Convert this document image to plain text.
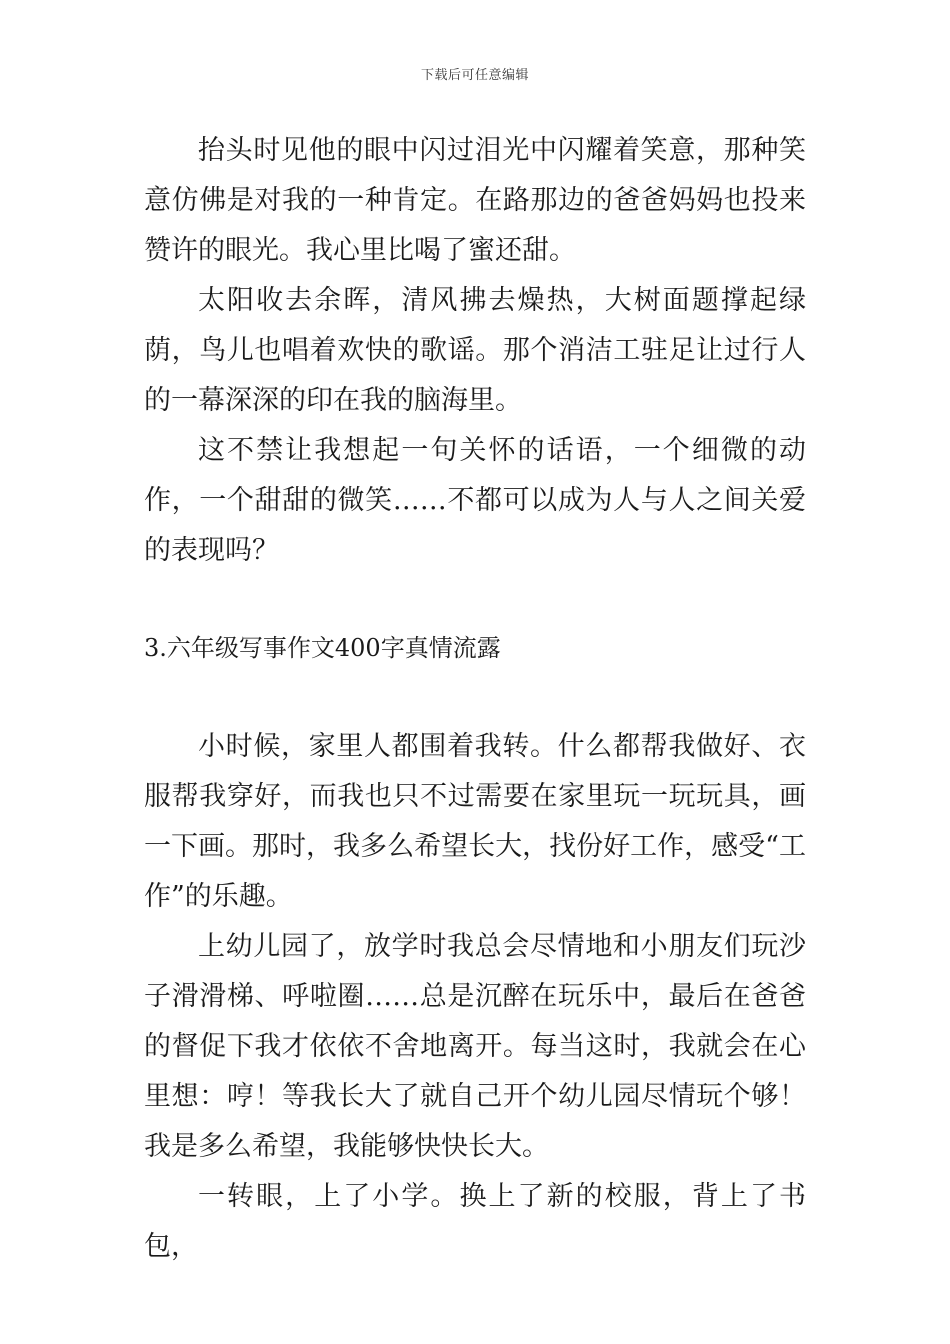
下载后可任意编辑

抬头时见他的眼中闪过泪光中闪耀着笑意，那种笑意仿佛是对我的一种肯定。在路那边的爸爸妈妈也投来赞许的眼光。我心里比喝了蜜还甜。

太阳收去余晖，清风拂去燥热，大树面题撑起绿荫，鸟儿也唱着欢快的歌谣。那个消洁工驻足让过行人的一幕深深的印在我的脑海里。

这不禁让我想起一句关怀的话语，一个细微的动作，一个甜甜的微笑……不都可以成为人与人之间关爱的表现吗？

3.六年级写事作文400字真情流露

小时候，家里人都围着我转。什么都帮我做好、衣服帮我穿好，而我也只不过需要在家里玩一玩玩具，画一下画。那时，我多么希望长大，找份好工作，感受“工作”的乐趣。

上幼儿园了，放学时我总会尽情地和小朋友们玩沙子滑滑梯、呼啦圈……总是沉醉在玩乐中，最后在爸爸的督促下我才依依不舍地离开。每当这时，我就会在心里想：哼！等我长大了就自己开个幼儿园尽情玩个够！我是多么希望，我能够快快长大。

一转眼，上了小学。换上了新的校服，背上了书包，
